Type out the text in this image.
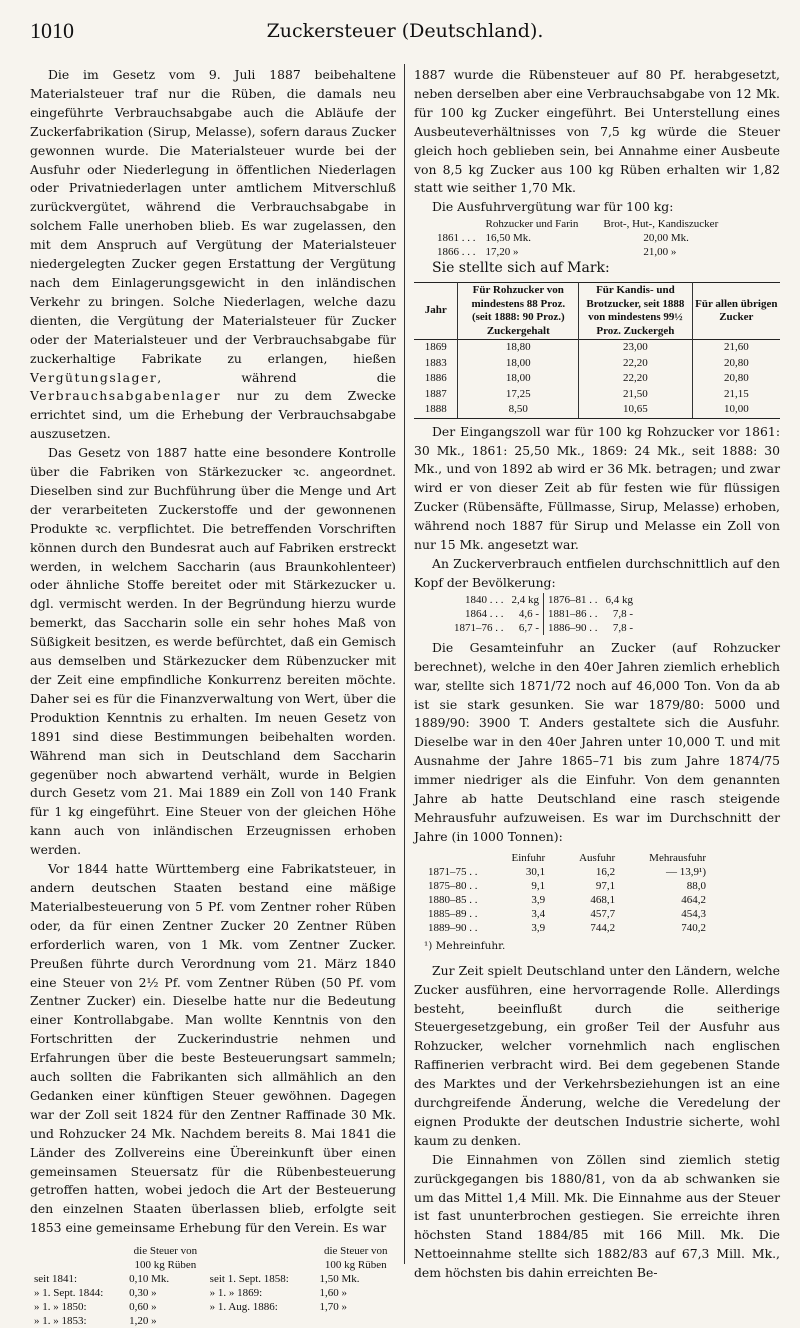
1010	Zuckersteuer (Deutschland).

Die im Gesetz vom 9. Juli 1887 beibehaltene Materialsteuer traf nur die Rüben, die damals neu eingeführte Verbrauchsabgabe auch die Abläufe der Zuckerfabrikation (Sirup, Melasse), sofern daraus Zucker gewonnen wurde. Die Materialsteuer wurde bei der Ausfuhr oder Niederlegung in öffentlichen Niederlagen oder Privatniederlagen unter amtlichem Mitverschluß zurückvergütet, während die Verbrauchsabgabe in solchem Falle unerhoben blieb. Es war zugelassen, den mit dem Anspruch auf Vergütung der Materialsteuer niedergelegten Zucker gegen Erstattung der Vergütung nach dem Einlagerungsgewicht in den inländischen Verkehr zu bringen. Solche Niederlagen, welche dazu dienten, die Vergütung der Materialsteuer für Zucker oder der Materialsteuer und der Verbrauchsabgabe für zuckerhaltige Fabrikate zu erlangen, hießen Vergütungslager, während die Verbrauchsabgabenlager nur zu dem Zwecke errichtet sind, um die Erhebung der Verbrauchsabgabe auszusetzen.

Das Gesetz von 1887 hatte eine besondere Kontrolle über die Fabriken von Stärkezucker ꝛc. angeordnet. Dieselben sind zur Buchführung über die Menge und Art der verarbeiteten Zuckerstoffe und der gewonnenen Produkte ꝛc. verpflichtet. Die betreffenden Vorschriften können durch den Bundesrat auch auf Fabriken erstreckt werden, in welchem Saccharin (aus Braunkohlenteer) oder ähnliche Stoffe bereitet oder mit Stärkezucker u. dgl. vermischt werden. In der Begründung hierzu wurde bemerkt, das Saccharin solle ein sehr hohes Maß von Süßigkeit besitzen, es werde befürchtet, daß ein Gemisch aus demselben und Stärkezucker dem Rübenzucker mit der Zeit eine empfindliche Konkurrenz bereiten möchte. Daher sei es für die Finanzverwaltung von Wert, über die Produktion Kenntnis zu erhalten. Im neuen Gesetz von 1891 sind diese Bestimmungen beibehalten worden. Während man sich in Deutschland dem Saccharin gegenüber noch abwartend verhält, wurde in Belgien durch Gesetz vom 21. Mai 1889 ein Zoll von 140 Frank für 1 kg eingeführt. Eine Steuer von der gleichen Höhe kann auch von inländischen Erzeugnissen erhoben werden.

Vor 1844 hatte Württemberg eine Fabrikatsteuer, in andern deutschen Staaten bestand eine mäßige Materialbesteuerung von 5 Pf. vom Zentner roher Rüben oder, da für einen Zentner Zucker 20 Zentner Rüben erforderlich waren, von 1 Mk. vom Zentner Zucker. Preußen führte durch Verordnung vom 21. März 1840 eine Steuer von 2½ Pf. vom Zentner Rüben (50 Pf. vom Zentner Zucker) ein. Dieselbe hatte nur die Bedeutung einer Kontrollabgabe. Man wollte Kenntnis von den Fortschritten der Zuckerindustrie nehmen und Erfahrungen über die beste Besteuerungsart sammeln; auch sollten die Fabrikanten sich allmählich an den Gedanken einer künftigen Steuer gewöhnen. Dagegen war der Zoll seit 1824 für den Zentner Raffinade 30 Mk. und Rohzucker 24 Mk. Nachdem bereits 8. Mai 1841 die Länder des Zollvereins eine Übereinkunft über einen gemeinsamen Steuersatz für die Rübenbesteuerung getroffen hatten, wobei jedoch die Art der Besteuerung den einzelnen Staaten überlassen blieb, erfolgte seit 1853 eine gemeinsame Erhebung für den Verein. Es war

	die Steuer von 100 kg Rüben		die Steuer von 100 kg Rüben
seit 1841:	0,10 Mk.	seit 1. Sept. 1858:	1,50 Mk.
» 1. Sept. 1844:	0,30 »	» 1. » 1869:	1,60 »
» 1. » 1850:	0,60 »	» 1. Aug. 1886:	1,70 »
» 1. » 1853:	1,20 »		

1887 wurde die Rübensteuer auf 80 Pf. herabgesetzt, neben derselben aber eine Verbrauchsabgabe von 12 Mk. für 100 kg Zucker eingeführt. Bei Unterstellung eines Ausbeuteverhältnisses von 7,5 kg würde die Steuer gleich hoch geblieben sein, bei Annahme einer Ausbeute von 8,5 kg Zucker aus 100 kg Rüben erhalten wir 1,82 statt wie seither 1,70 Mk.

Die Ausfuhrvergütung war für 100 kg:

	Rohzucker und Farin	Brot-, Hut-, Kandiszucker
1861 . . .	16,50 Mk.	20,00 Mk.
1866 . . .	17,20 »	21,00 »

Sie stellte sich auf Mark:

Jahr	Für Rohzucker von mindestens 88 Proz. (seit 1888: 90 Proz.) Zuckergehalt	Für Kandis- und Brotzucker, seit 1888 von mindestens 99½ Proz. Zuckergeh	Für allen übrigen Zucker
1869	18,80	23,00	21,60
1883	18,00	22,20	20,80
1886	18,00	22,20	20,80
1887	17,25	21,50	21,15
1888	8,50	10,65	10,00

Der Eingangszoll war für 100 kg Rohzucker vor 1861: 30 Mk., 1861: 25,50 Mk., 1869: 24 Mk., seit 1888: 30 Mk., und von 1892 ab wird er 36 Mk. betragen; und zwar wird er von dieser Zeit ab für festen wie für flüssigen Zucker (Rübensäfte, Füllmasse, Sirup, Melasse) erhoben, während noch 1887 für Sirup und Melasse ein Zoll von nur 15 Mk. angesetzt war.

An Zuckerverbrauch entfielen durchschnittlich auf den Kopf der Bevölkerung:

1840 . . .	2,4 kg	1876–81 . .	6,4 kg
1864 . . .	4,6 -	1881–86 . .	7,8 -
1871–76 . .	6,7 -	1886–90 . .	7,8 -

Die Gesamteinfuhr an Zucker (auf Rohzucker berechnet), welche in den 40er Jahren ziemlich erheblich war, stellte sich 1871/72 noch auf 46,000 Ton. Von da ab ist sie stark gesunken. Sie war 1879/80: 5000 und 1889/90: 3900 T. Anders gestaltete sich die Ausfuhr. Dieselbe war in den 40er Jahren unter 10,000 T. und mit Ausnahme der Jahre 1865–71 bis zum Jahre 1874/75 immer niedriger als die Einfuhr. Von dem genannten Jahre ab hatte Deutschland eine rasch steigende Mehrausfuhr aufzuweisen. Es war im Durchschnitt der Jahre (in 1000 Tonnen):

	Einfuhr	Ausfuhr	Mehrausfuhr
1871–75 . .	30,1	16,2	— 13,9¹)
1875–80 . .	9,1	97,1	88,0
1880–85 . .	3,9	468,1	464,2
1885–89 . .	3,4	457,7	454,3
1889–90 . .	3,9	744,2	740,2
¹) Mehreinfuhr.

Zur Zeit spielt Deutschland unter den Ländern, welche Zucker ausführen, eine hervorragende Rolle. Allerdings besteht, beeinflußt durch die seitherige Steuergesetzgebung, ein großer Teil der Ausfuhr aus Rohzucker, welcher vornehmlich nach englischen Raffinerien verbracht wird. Bei dem gegebenen Stande des Marktes und der Verkehrsbeziehungen ist an eine durchgreifende Änderung, welche die Veredelung der eignen Produkte der deutschen Industrie sicherte, wohl kaum zu denken.

Die Einnahmen von Zöllen sind ziemlich stetig zurückgegangen bis 1880/81, von da ab schwanken sie um das Mittel 1,4 Mill. Mk. Die Einnahme aus der Steuer ist fast ununterbrochen gestiegen. Sie erreichte ihren höchsten Stand 1884/85 mit 166 Mill. Mk. Die Nettoeinnahme stellte sich 1882/83 auf 67,3 Mill. Mk., dem höchsten bis dahin erreichten Be-
